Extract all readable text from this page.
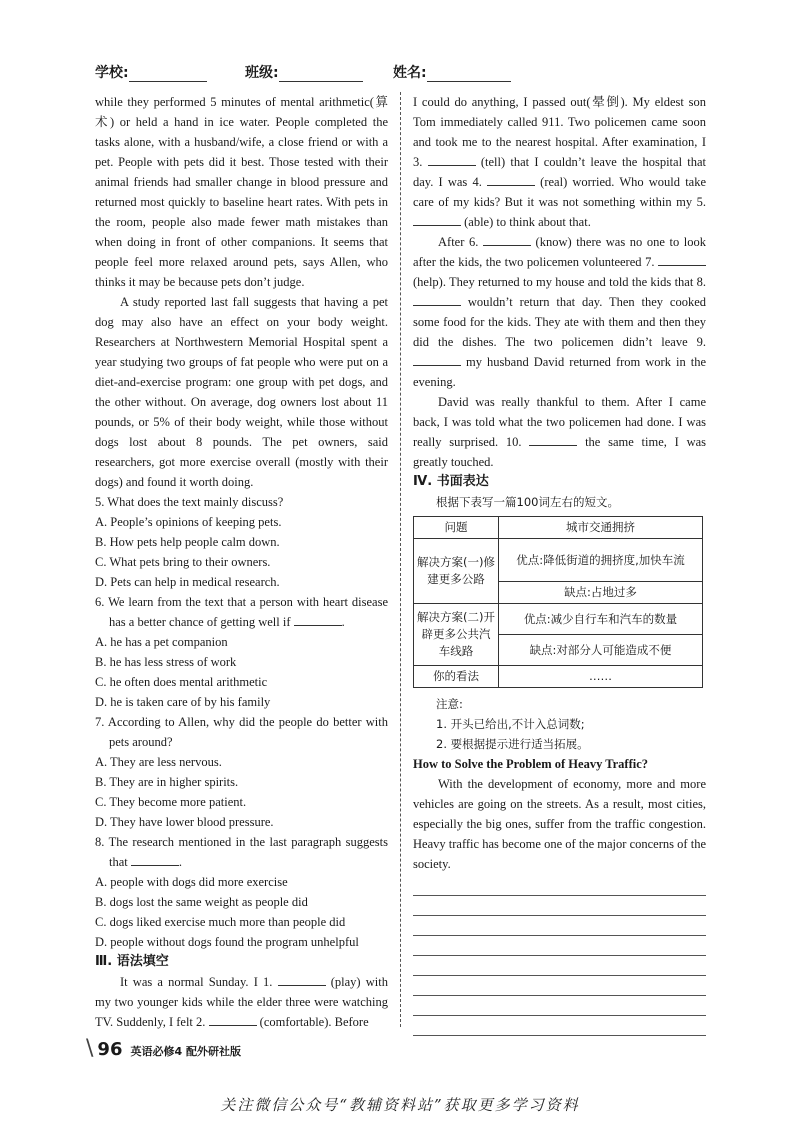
学校:	班级:	姓名:

while they performed 5 minutes of mental arithmetic(算术) or held a hand in ice water. People completed the tasks alone, with a husband/wife, a close friend or with a pet. People with pets did it best. Those tested with their animal friends had smaller change in blood pressure and returned most quickly to baseline heart rates. With pets in the room, people also made fewer math mistakes than when doing in front of other companions. It seems that people feel more relaxed around pets, says Allen, who thinks it may be because pets don’t judge.

A study reported last fall suggests that having a pet dog may also have an effect on your body weight. Researchers at Northwestern Memorial Hospital spent a year studying two groups of fat people who were put on a diet-and-exercise program: one group with pet dogs, and the other without. On average, dog owners lost about 11 pounds, or 5% of their body weight, while those without dogs lost about 8 pounds. The pet owners, said researchers, got more exercise overall (mostly with their dogs) and found it worth doing.

5. What does the text mainly discuss?

A. People’s opinions of keeping pets.

B. How pets help people calm down.

C. What pets bring to their owners.

D. Pets can help in medical research.

6. We learn from the text that a person with heart disease has a better chance of getting well if	.

A. he has a pet companion

B. he has less stress of work

C. he often does mental arithmetic

D. he is taken care of by his family

7. According to Allen, why did the people do better with pets around?

A. They are less nervous.

B. They are in higher spirits.

C. They become more patient.

D. They have lower blood pressure.

8. The research mentioned in the last paragraph suggests that	.

A. people with dogs did more exercise

B. dogs lost the same weight as people did

C. dogs liked exercise much more than people did

D. people without dogs found the program unhelpful

Ⅲ. 语法填空

It was a normal Sunday. I 1.	(play) with my two younger kids while the elder three were watching TV. Suddenly, I felt 2.	(comfortable). Before

I could do anything, I passed out(晕倒). My eldest son Tom immediately called 911. Two policemen came soon and took me to the nearest hospital. After examination, I 3.	(tell) that I couldn’t leave the hospital that day. I was 4.	(real) worried. Who would take care of my kids? But it was not something within my 5.  (able) to think about that.

After 6.	(know) there was no one to look after the kids, the two policemen volunteered 7.  (help). They returned to my house and told the kids that 8.  wouldn’t return that day. Then they cooked some food for the kids. They ate with them and then they did the dishes. The two policemen didn’t leave 9.  my husband David returned from work in the evening.

David was really thankful to them. After I came back, I was told what the two policemen had done. I was really surprised. 10.	the same time, I was greatly touched.

Ⅳ. 书面表达

根据下表写一篇100词左右的短文。

问题	城市交通拥挤
解决方案(一)修建更多公路	优点:降低街道的拥挤度,加快车流
	缺点:占地过多
解决方案(二)开辟更多公共汽车线路	优点:减少自行车和汽车的数量
	缺点:对部分人可能造成不便
你的看法	……

注意:

1. 开头已给出,不计入总词数;

2. 要根据提示进行适当拓展。

How to Solve the Problem of Heavy Traffic?

With the development of economy, more and more vehicles are going on the streets. As a result, most cities, especially the big ones, suffer from the traffic congestion. Heavy traffic has become one of the major concerns of the society.

\ 96 英语必修4 配外研社版
关注微信公众号“教辅资料站”获取更多学习资料
